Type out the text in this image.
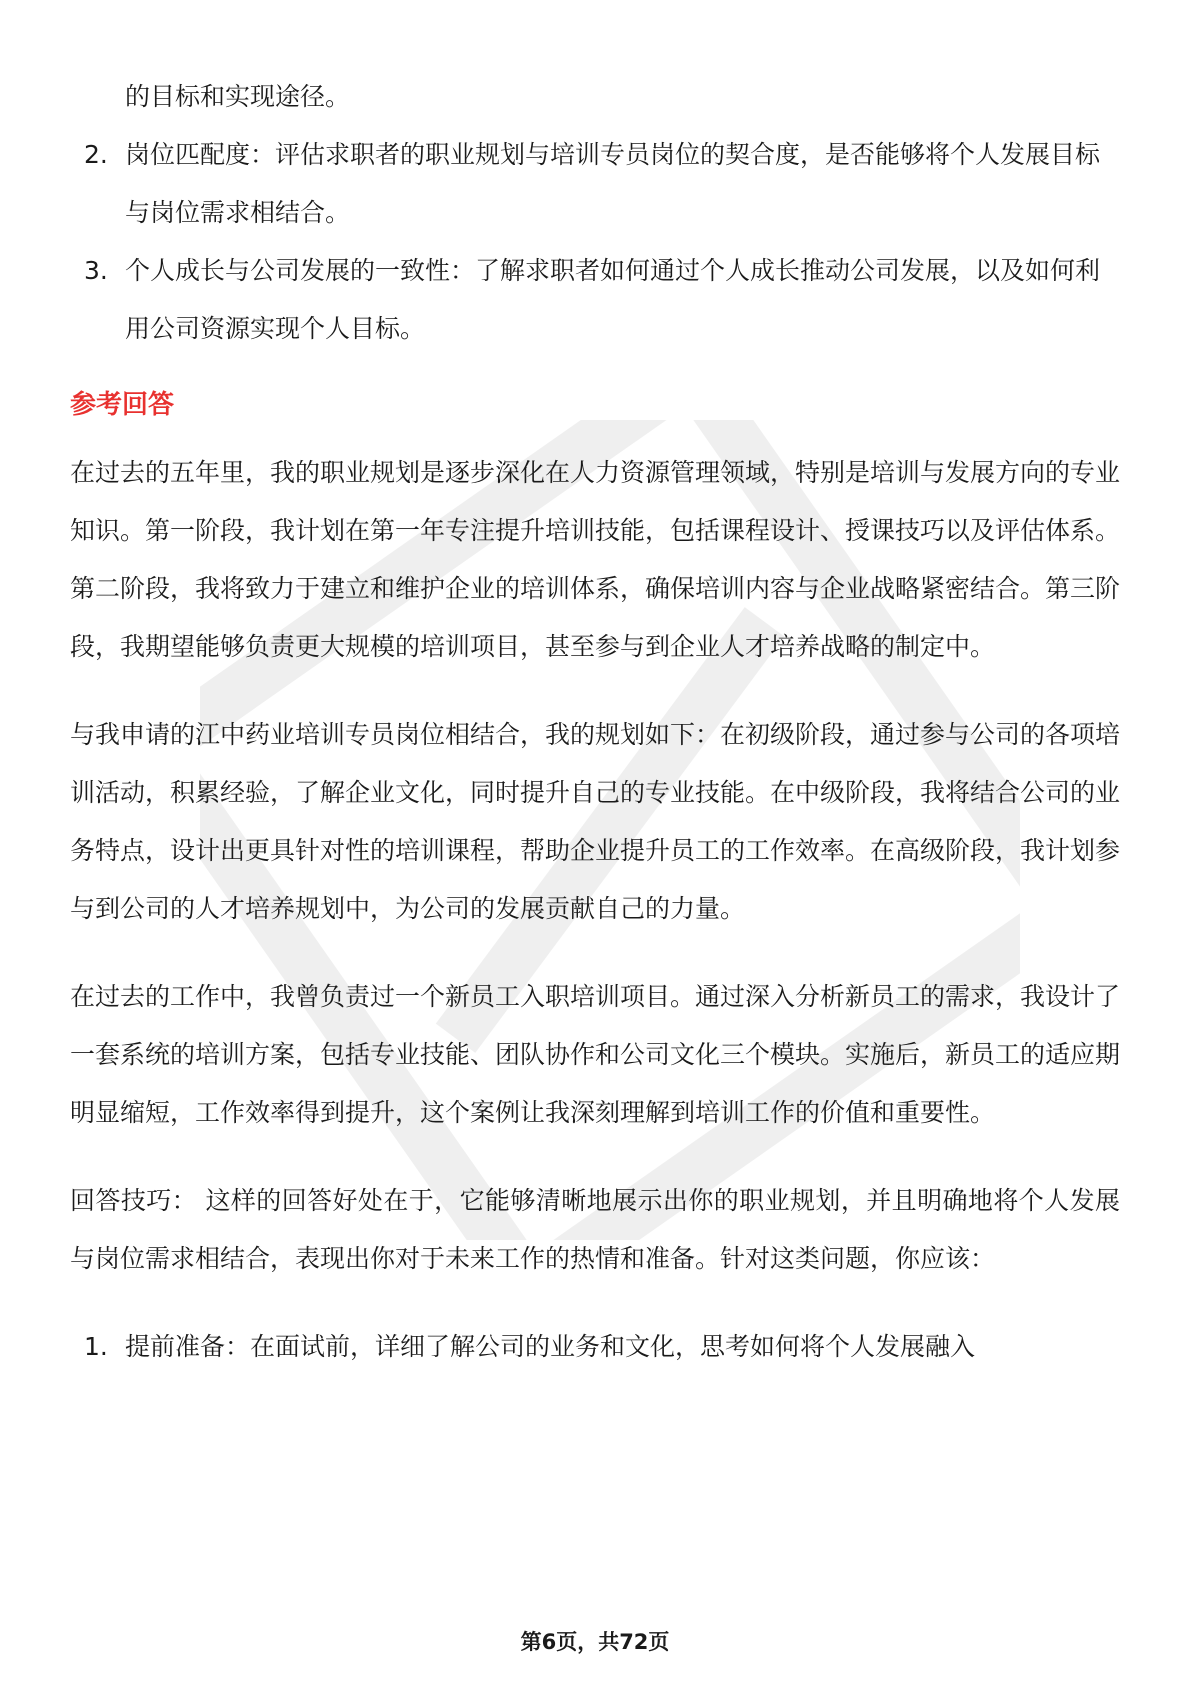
的目标和实现途径。
2. 岗位匹配度：评估求职者的职业规划与培训专员岗位的契合度，是否能够将个人发展目标与岗位需求相结合。
3. 个人成长与公司发展的一致性：了解求职者如何通过个人成长推动公司发展，以及如何利用公司资源实现个人目标。
参考回答

在过去的五年里，我的职业规划是逐步深化在人力资源管理领域，特别是培训与发展方向的专业知识。第一阶段，我计划在第一年专注提升培训技能，包括课程设计、授课技巧以及评估体系。第二阶段，我将致力于建立和维护企业的培训体系，确保培训内容与企业战略紧密结合。第三阶段，我期望能够负责更大规模的培训项目，甚至参与到企业人才培养战略的制定中。

与我申请的江中药业培训专员岗位相结合，我的规划如下：在初级阶段，通过参与公司的各项培训活动，积累经验，了解企业文化，同时提升自己的专业技能。在中级阶段，我将结合公司的业务特点，设计出更具针对性的培训课程，帮助企业提升员工的工作效率。在高级阶段，我计划参与到公司的人才培养规划中，为公司的发展贡献自己的力量。

在过去的工作中，我曾负责过一个新员工入职培训项目。通过深入分析新员工的需求，我设计了一套系统的培训方案，包括专业技能、团队协作和公司文化三个模块。实施后，新员工的适应期明显缩短，工作效率得到提升，这个案例让我深刻理解到培训工作的价值和重要性。

回答技巧： 这样的回答好处在于，它能够清晰地展示出你的职业规划，并且明确地将个人发展与岗位需求相结合，表现出你对于未来工作的热情和准备。针对这类问题，你应该：

1. 提前准备：在面试前，详细了解公司的业务和文化，思考如何将个人发展融入
第6页，共72页
